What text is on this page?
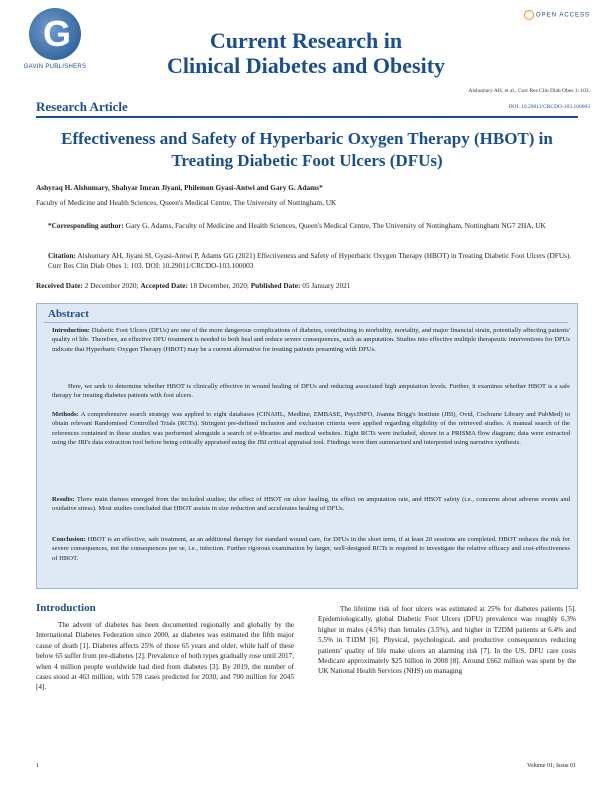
G
GAVIN PUBLISHERS
OPEN ACCESS
Current Research in
Clinical Diabetes and Obesity
Alshumary AH, et al., Curr Res Clin Diab Obes 1: 103.
Research Article	DOI: 10.29011/CRCDO-103.100003
Effectiveness and Safety of Hyperbaric Oxygen Therapy (HBOT) in Treating Diabetic Foot Ulcers (DFUs)
Ashyraq H. Alshumary, Shahyar Imran Jiyani, Philemon Gyasi-Antwi and Gary G. Adams*
Faculty of Medicine and Health Sciences, Queen's Medical Centre, The University of Nottingham, UK
*Corresponding author: Gary G. Adams, Faculty of Medicine and Health Sciences, Queen's Medical Centre, The University of Nottingham, Nottingham NG7 2HA, UK
Citation: Alshumary AH, Jiyani SI, Gyasi-Antwi P, Adams GG (2021) Effectiveness and Safety of Hyperbaric Oxygen Therapy (HBOT) in Treating Diabetic Foot Ulcers (DFUs). Curr Res Clin Diab Obes 1: 103. DOI: 10.29011/CRCDO-103.100003
Received Date: 2 December 2020; Accepted Date: 18 December, 2020; Published Date: 05 January 2021
Abstract
Introduction: Diabetic Foot Ulcers (DFUs) are one of the more dangerous complications of diabetes, contributing to morbidity, mortality, and major financial strain, potentially affecting patients' quality of life. Therefore, an effective DFU treatment is needed to both heal and reduce severe consequences, such as amputation. Studies into effective multiple therapeutic interventions for DFUs indicate that Hyperbaric Oxygen Therapy (HBOT) may be a current alternative for treating patients presenting with DFUs.
Here, we seek to determine whether HBOT is clinically effective in wound healing of DFUs and reducing associated high amputation levels. Further, it examines whether HBOT is a safe therapy for treating diabetes patients with foot ulcers.
Methods: A comprehensive search strategy was applied to eight databases (CINAHL, Medline, EMBASE, PsycINFO, Joanna Brigg's Institute (JBI), Ovid, Cochrane Library and PubMed) to obtain relevant Randomised Controlled Trials (RCTs). Stringent pre-defined inclusion and exclusion criteria were applied regarding eligibility of the retrieved studies. A manual search of the references contained in these studies was performed alongside a search of e-libraries and medical websites. Eight RCTs were included, shown in a PRISMA flow diagram; data were extracted using the JBI's data extraction tool before being critically appraised using the JBI critical appraisal tool. Findings were then summarised and interpreted using narrative synthesis.
Results: Three main themes emerged from the included studies; the effect of HBOT on ulcer healing, its effect on amputation rate, and HBOT safety (i.e., concerns about adverse events and oxidative stress). Most studies concluded that HBOT assists in size reduction and accelerates healing of DFUs.
Conclusion: HBOT is an effective, safe treatment, as an additional therapy for standard wound care, for DFUs in the short term, if at least 20 sessions are completed. HBOT reduces the risk for severe consequences, not the consequences per se, i.e., infection. Further rigorous examination by larger, well-designed RCTs is required to investigate the relative efficacy and cost-effectiveness of HBOT.
Introduction
The advent of diabetes has been documented regionally and globally by the International Diabetes Federation since 2000, as diabetes was estimated the fifth major cause of death [1]. Diabetes affects 25% of those 65 years and older, while half of these below 65 suffer from pre-diabetes [2]. Prevalence of both types gradually rose until 2017, when 4 million people worldwide had died from diabetes [3]. By 2019, the number of cases stood at 463 million, with 578 cases predicted for 2030, and 700 million for 2045 [4].
The lifetime risk of foot ulcers was estimated at 25% for diabetes patients [5]. Epidemiologically, global Diabetic Foot Ulcers (DFU) prevalence was roughly 6.3% higher in males (4.5%) than females (3.5%), and higher in T2DM patients at 6.4% and 5.5% in T1DM [6]. Physical, psychological, and productive consequences reducing patients' quality of life make ulcers an alarming risk [7]. In the US, DFU care costs Medicare approximately $25 billion in 2008 [8]. Around £662 million was spent by the UK National Health Services (NHS) on managing
1	Volume 01; Issue 01
